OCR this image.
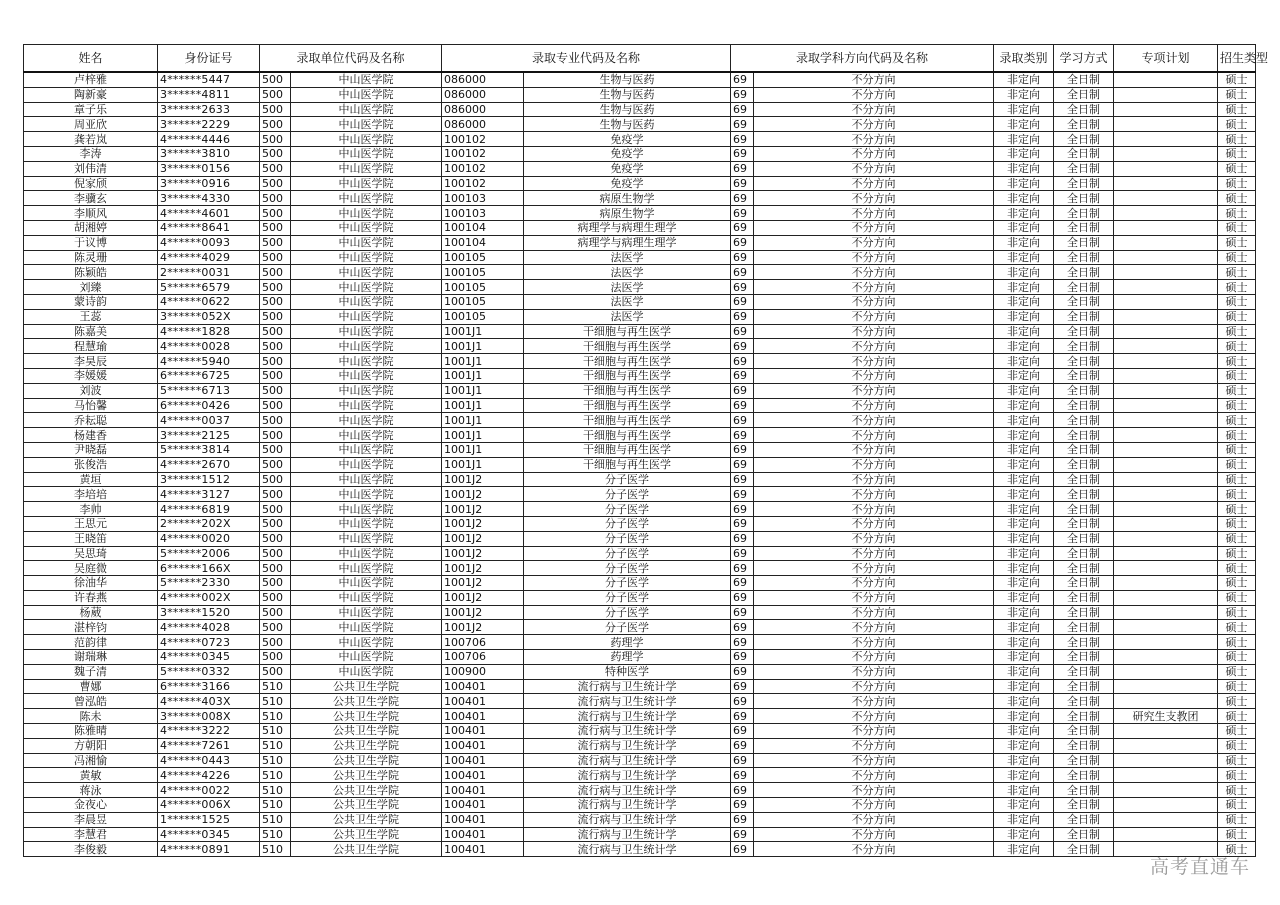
姓名	身份证号	录取单位代码及名称		录取专业代码及名称		录取学科方向代码及名称		录取类别	学习方式	专项计划	招生类型
卢梓雅	4******5447	500	中山医学院	086000	生物与医药	69	不分方向	非定向	全日制		硕士
陶新豪	3******4811	500	中山医学院	086000	生物与医药	69	不分方向	非定向	全日制		硕士
章子乐	3******2633	500	中山医学院	086000	生物与医药	69	不分方向	非定向	全日制		硕士
周亚欣	3******2229	500	中山医学院	086000	生物与医药	69	不分方向	非定向	全日制		硕士
龚若岚	4******4446	500	中山医学院	100102	免疫学	69	不分方向	非定向	全日制		硕士
李涛	3******3810	500	中山医学院	100102	免疫学	69	不分方向	非定向	全日制		硕士
刘伟清	3******0156	500	中山医学院	100102	免疫学	69	不分方向	非定向	全日制		硕士
倪家颀	3******0916	500	中山医学院	100102	免疫学	69	不分方向	非定向	全日制		硕士
李骥玄	3******4330	500	中山医学院	100103	病原生物学	69	不分方向	非定向	全日制		硕士
李顺风	4******4601	500	中山医学院	100103	病原生物学	69	不分方向	非定向	全日制		硕士
胡湘婷	4******8641	500	中山医学院	100104	病理学与病理生理学	69	不分方向	非定向	全日制		硕士
于议博	4******0093	500	中山医学院	100104	病理学与病理生理学	69	不分方向	非定向	全日制		硕士
陈灵珊	4******4029	500	中山医学院	100105	法医学	69	不分方向	非定向	全日制		硕士
陈颖皓	2******0031	500	中山医学院	100105	法医学	69	不分方向	非定向	全日制		硕士
刘臻	5******6579	500	中山医学院	100105	法医学	69	不分方向	非定向	全日制		硕士
蒙诗韵	4******0622	500	中山医学院	100105	法医学	69	不分方向	非定向	全日制		硕士
王蕊	3******052X	500	中山医学院	100105	法医学	69	不分方向	非定向	全日制		硕士
陈嘉美	4******1828	500	中山医学院	1001J1	干细胞与再生医学	69	不分方向	非定向	全日制		硕士
程慧瑜	4******0028	500	中山医学院	1001J1	干细胞与再生医学	69	不分方向	非定向	全日制		硕士
李昊辰	4******5940	500	中山医学院	1001J1	干细胞与再生医学	69	不分方向	非定向	全日制		硕士
李媛媛	6******6725	500	中山医学院	1001J1	干细胞与再生医学	69	不分方向	非定向	全日制		硕士
刘波	5******6713	500	中山医学院	1001J1	干细胞与再生医学	69	不分方向	非定向	全日制		硕士
马怡馨	6******0426	500	中山医学院	1001J1	干细胞与再生医学	69	不分方向	非定向	全日制		硕士
乔耘聪	4******0037	500	中山医学院	1001J1	干细胞与再生医学	69	不分方向	非定向	全日制		硕士
杨建香	3******2125	500	中山医学院	1001J1	干细胞与再生医学	69	不分方向	非定向	全日制		硕士
尹晓磊	5******3814	500	中山医学院	1001J1	干细胞与再生医学	69	不分方向	非定向	全日制		硕士
张俊浩	4******2670	500	中山医学院	1001J1	干细胞与再生医学	69	不分方向	非定向	全日制		硕士
黄垣	3******1512	500	中山医学院	1001J2	分子医学	69	不分方向	非定向	全日制		硕士
李培培	4******3127	500	中山医学院	1001J2	分子医学	69	不分方向	非定向	全日制		硕士
李帅	4******6819	500	中山医学院	1001J2	分子医学	69	不分方向	非定向	全日制		硕士
王思元	2******202X	500	中山医学院	1001J2	分子医学	69	不分方向	非定向	全日制		硕士
王晓笛	4******0020	500	中山医学院	1001J2	分子医学	69	不分方向	非定向	全日制		硕士
吴思琦	5******2006	500	中山医学院	1001J2	分子医学	69	不分方向	非定向	全日制		硕士
吴庭微	6******166X	500	中山医学院	1001J2	分子医学	69	不分方向	非定向	全日制		硕士
徐油华	5******2330	500	中山医学院	1001J2	分子医学	69	不分方向	非定向	全日制		硕士
许春燕	4******002X	500	中山医学院	1001J2	分子医学	69	不分方向	非定向	全日制		硕士
杨葳	3******1520	500	中山医学院	1001J2	分子医学	69	不分方向	非定向	全日制		硕士
湛梓钧	4******4028	500	中山医学院	1001J2	分子医学	69	不分方向	非定向	全日制		硕士
范韵律	4******0723	500	中山医学院	100706	药理学	69	不分方向	非定向	全日制		硕士
谢瑞琳	4******0345	500	中山医学院	100706	药理学	69	不分方向	非定向	全日制		硕士
魏子清	5******0332	500	中山医学院	100900	特种医学	69	不分方向	非定向	全日制		硕士
曹娜	6******3166	510	公共卫生学院	100401	流行病与卫生统计学	69	不分方向	非定向	全日制		硕士
曾泓皓	4******403X	510	公共卫生学院	100401	流行病与卫生统计学	69	不分方向	非定向	全日制		硕士
陈未	3******008X	510	公共卫生学院	100401	流行病与卫生统计学	69	不分方向	非定向	全日制	研究生支教团	硕士
陈雅晴	4******3222	510	公共卫生学院	100401	流行病与卫生统计学	69	不分方向	非定向	全日制		硕士
方朝阳	4******7261	510	公共卫生学院	100401	流行病与卫生统计学	69	不分方向	非定向	全日制		硕士
冯湘愉	4******0443	510	公共卫生学院	100401	流行病与卫生统计学	69	不分方向	非定向	全日制		硕士
黄敏	4******4226	510	公共卫生学院	100401	流行病与卫生统计学	69	不分方向	非定向	全日制		硕士
蒋泳	4******0022	510	公共卫生学院	100401	流行病与卫生统计学	69	不分方向	非定向	全日制		硕士
金夜心	4******006X	510	公共卫生学院	100401	流行病与卫生统计学	69	不分方向	非定向	全日制		硕士
李晨昱	1******1525	510	公共卫生学院	100401	流行病与卫生统计学	69	不分方向	非定向	全日制		硕士
李慧君	4******0345	510	公共卫生学院	100401	流行病与卫生统计学	69	不分方向	非定向	全日制		硕士
李俊毅	4******0891	510	公共卫生学院	100401	流行病与卫生统计学	69	不分方向	非定向	全日制		硕士
高考直通车
